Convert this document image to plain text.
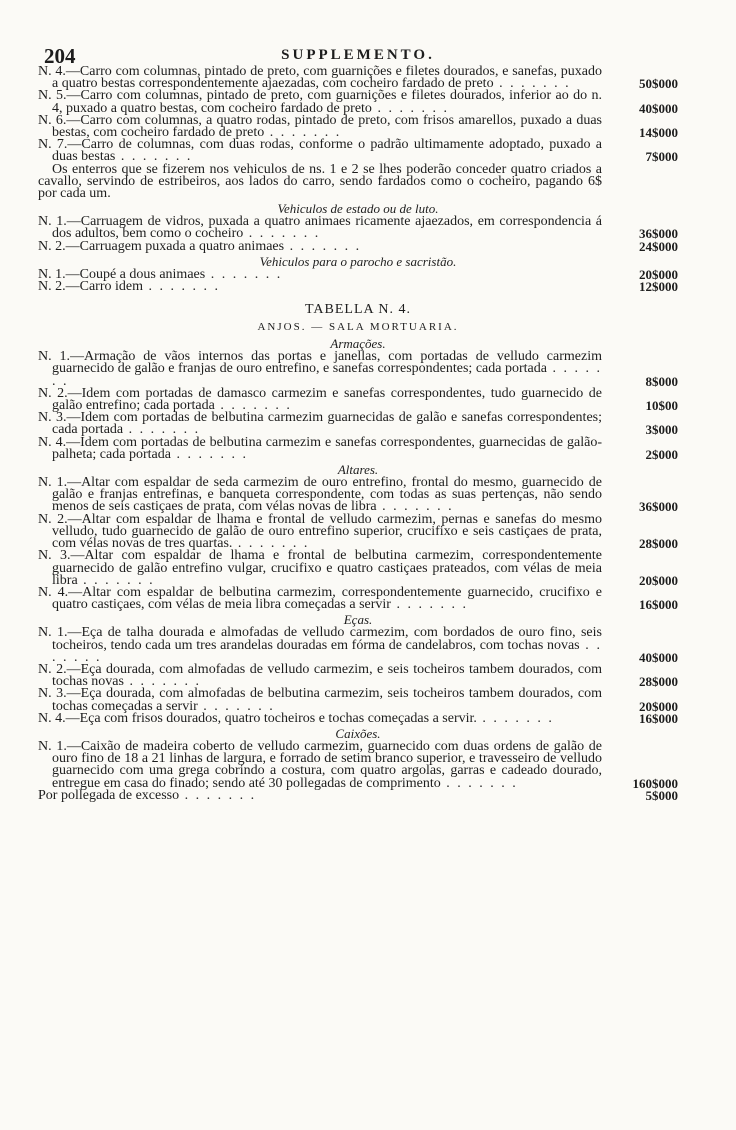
204	SUPPLEMENTO.

N. 4.—Carro com columnas, pintado de preto, com guarnições e filetes dourados, e sanefas, puxado a quatro bestas correspondentemente ajaezadas, com cocheiro fardado de preto . . . . . . .	50$000

N. 5.—Carro com columnas, pintado de preto, com guarnições e filetes dourados, inferior ao do n. 4, puxado a quatro bestas, com cocheiro fardado de preto . . . . . . .	40$000

N. 6.—Carro com columnas, a quatro rodas, pintado de preto, com frisos amarellos, puxado a duas bestas, com cocheiro fardado de preto . . . . . . .	14$000

N. 7.—Carro de columnas, com duas rodas, conforme o padrão ultimamente adoptado, puxado a duas bestas . . . . . . .	7$000

Os enterros que se fizerem nos vehiculos de ns. 1 e 2 se lhes poderão conceder quatro criados a cavallo, servindo de estribeiros, aos lados do carro, sendo fardados como o cocheiro, pagando 6$ por cada um.

Vehiculos de estado ou de luto.

N. 1.—Carruagem de vidros, puxada a quatro animaes ricamente ajaezados, em correspondencia á dos adultos, bem como o cocheiro . . . . . . .	36$000

N. 2.—Carruagem puxada a quatro animaes . . . . . . .	24$000

Vehiculos para o parocho e sacristão.

N. 1.—Coupé a dous animaes . . . . . . .	20$000

N. 2.—Carro idem . . . . . . .	12$000

TABELLA N. 4.

ANJOS. — SALA MORTUARIA.

Armações.

N. 1.—Armação de vãos internos das portas e janellas, com portadas de velludo carmezim guarnecido de galão e franjas de ouro entrefino, e sanefas correspondentes; cada portada . . . . . . .	8$000

N. 2.—Idem com portadas de damasco carmezim e sanefas correspondentes, tudo guarnecido de galão entrefino; cada portada . . . . . . .	10$00

N. 3.—Idem com portadas de belbutina carmezim guarnecidas de galão e sanefas correspondentes; cada portada . . . . . . .	3$000

N. 4.—Idem com portadas de belbutina carmezim e sanefas correspondentes, guarnecidas de galão-palheta; cada portada . . . . . . .	2$000

Altares.

N. 1.—Altar com espaldar de seda carmezim de ouro entrefino, frontal do mesmo, guarnecido de galão e franjas entrefinas, e banqueta correspondente, com todas as suas pertenças, não sendo menos de seis castiçaes de prata, com vélas novas de libra . . . . . . .	36$000

N. 2.—Altar com espaldar de lhama e frontal de velludo carmezim, pernas e sanefas do mesmo velludo, tudo guarnecido de galão de ouro entrefino superior, crucifixo e seis castiçaes de prata, com vélas novas de tres quartas. . . . . . . .	28$000

N. 3.—Altar com espaldar de lhama e frontal de belbutina carmezim, correspondentemente guarnecido de galão entrefino vulgar, crucifixo e quatro castiçaes prateados, com vélas de meia libra . . . . . . .	20$000

N. 4.—Altar com espaldar de belbutina carmezim, correspondentemente guarnecido, crucifixo e quatro castiçaes, com vélas de meia libra começadas a servir . . . . . . .	16$000

Eças.

N. 1.—Eça de talha dourada e almofadas de velludo carmezim, com bordados de ouro fino, seis tocheiros, tendo cada um tres arandelas douradas em fórma de candelabros, com tochas novas . . . . . . .	40$000

N. 2.—Eça dourada, com almofadas de velludo carmezim, e seis tocheiros tambem dourados, com tochas novas . . . . . . .	28$000

N. 3.—Eça dourada, com almofadas de belbutina carmezim, seis tocheiros tambem dourados, com tochas começadas a servir . . . . . . .	20$000

N. 4.—Eça com frisos dourados, quatro tocheiros e tochas começadas a servir. . . . . . . .	16$000

Caixões.

N. 1.—Caixão de madeira coberto de velludo carmezim, guarnecido com duas ordens de galão de ouro fino de 18 a 21 linhas de largura, e forrado de setim branco superior, e travesseiro de velludo guarnecido com uma grega cobrindo a costura, com quatro argolas, garras e cadeado dourado, entregue em casa do finado; sendo até 30 pollegadas de comprimento . . . . . . .	160$000

Por pollegada de excesso . . . . . . .	5$000
